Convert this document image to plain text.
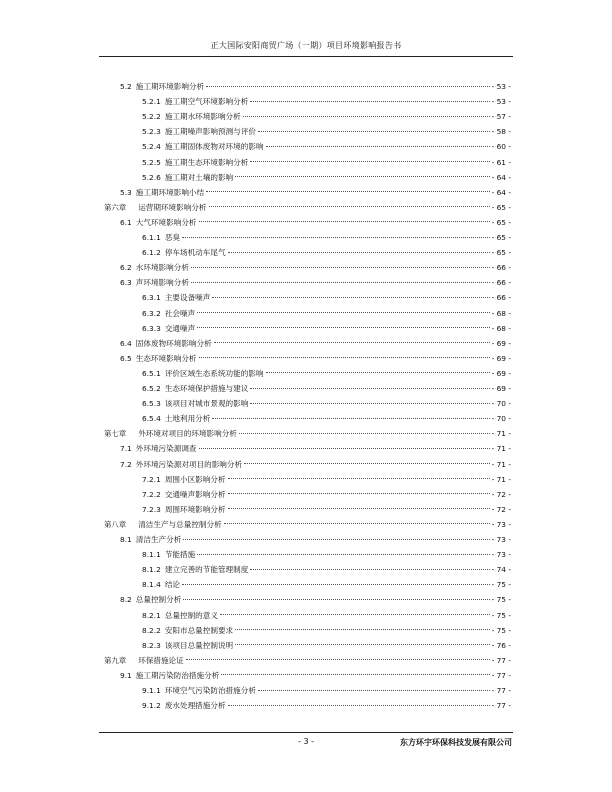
正大国际安阳商贸广场（一期）项目环境影响报告书
5.2 施工期环境影响分析	- 53 -
5.2.1 施工期空气环境影响分析	- 53 -
5.2.2 施工期水环境影响分析	- 57 -
5.2.3 施工期噪声影响预测与评价	- 58 -
5.2.4 施工期固体废物对环境的影响	- 60 -
5.2.5 施工期生态环境影响分析	- 61 -
5.2.6 施工期对土壤的影响	- 64 -
5.3 施工期环境影响小结	- 64 -
第六章 运营期环境影响分析	- 65 -
6.1 大气环境影响分析	- 65 -
6.1.1 恶臭	- 65 -
6.1.2 停车场机动车尾气	- 65 -
6.2 水环境影响分析	- 66 -
6.3 声环境影响分析	- 66 -
6.3.1 主要设备噪声	- 66 -
6.3.2 社会噪声	- 68 -
6.3.3 交通噪声	- 68 -
6.4 固体废物环境影响分析	- 69 -
6.5 生态环境影响分析	- 69 -
6.5.1 评价区域生态系统功能的影响	- 69 -
6.5.2 生态环境保护措施与建议	- 69 -
6.5.3 该项目对城市景观的影响	- 70 -
6.5.4 土地利用分析	- 70 -
第七章 外环境对项目的环境影响分析	- 71 -
7.1 外环境污染源调查	- 71 -
7.2 外环境污染源对项目的影响分析	- 71 -
7.2.1 周围小区影响分析	- 71 -
7.2.2 交通噪声影响分析	- 72 -
7.2.3 周围环境影响分析	- 72 -
第八章 清洁生产与总量控制分析	- 73 -
8.1 清洁生产分析	- 73 -
8.1.1 节能措施	- 73 -
8.1.2 建立完善的节能管理制度	- 74 -
8.1.4 结论	- 75 -
8.2 总量控制分析	- 75 -
8.2.1 总量控制的意义	- 75 -
8.2.2 安阳市总量控制要求	- 75 -
8.2.3 该项目总量控制说明	- 76 -
第九章 环保措施论证	- 77 -
9.1 施工期污染防治措施分析	- 77 -
9.1.1 环境空气污染防治措施分析	- 77 -
9.1.2 废水处理措施分析	- 77 -
- 3 -	东方环宇环保科技发展有限公司
